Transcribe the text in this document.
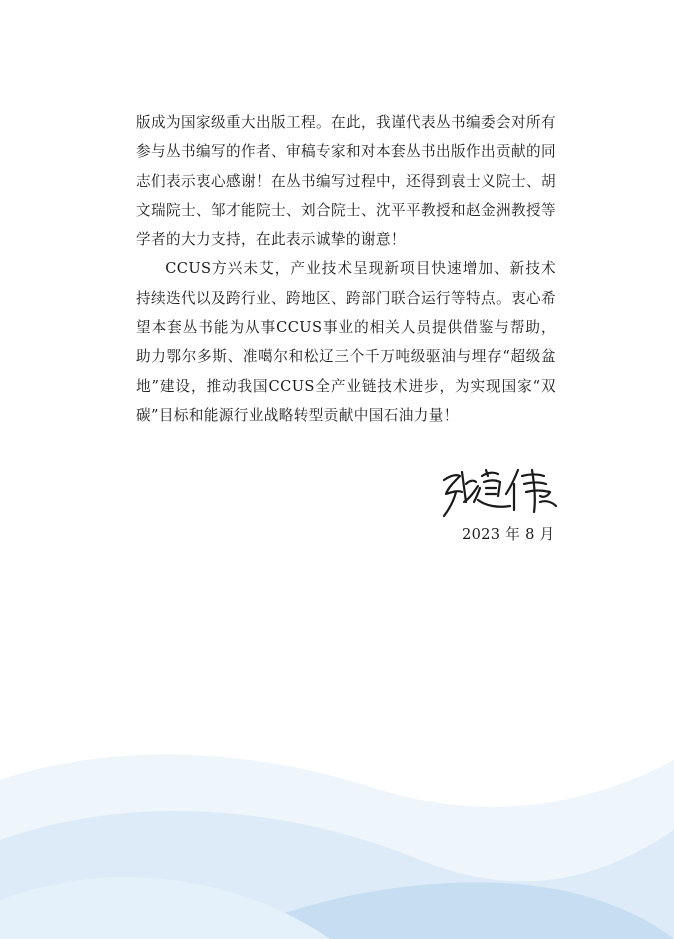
版成为国家级重大出版工程。在此，我谨代表丛书编委会对所有参与丛书编写的作者、审稿专家和对本套丛书出版作出贡献的同志们表示衷心感谢！在丛书编写过程中，还得到袁士义院士、胡文瑞院士、邹才能院士、刘合院士、沈平平教授和赵金洲教授等学者的大力支持，在此表示诚挚的谢意！

CCUS方兴未艾，产业技术呈现新项目快速增加、新技术持续迭代以及跨行业、跨地区、跨部门联合运行等特点。衷心希望本套丛书能为从事CCUS事业的相关人员提供借鉴与帮助，助力鄂尔多斯、准噶尔和松辽三个千万吨级驱油与埋存“超级盆地”建设，推动我国CCUS全产业链技术进步，为实现国家“双碳”目标和能源行业战略转型贡献中国石油力量！

张道伟
2023 年 8 月
